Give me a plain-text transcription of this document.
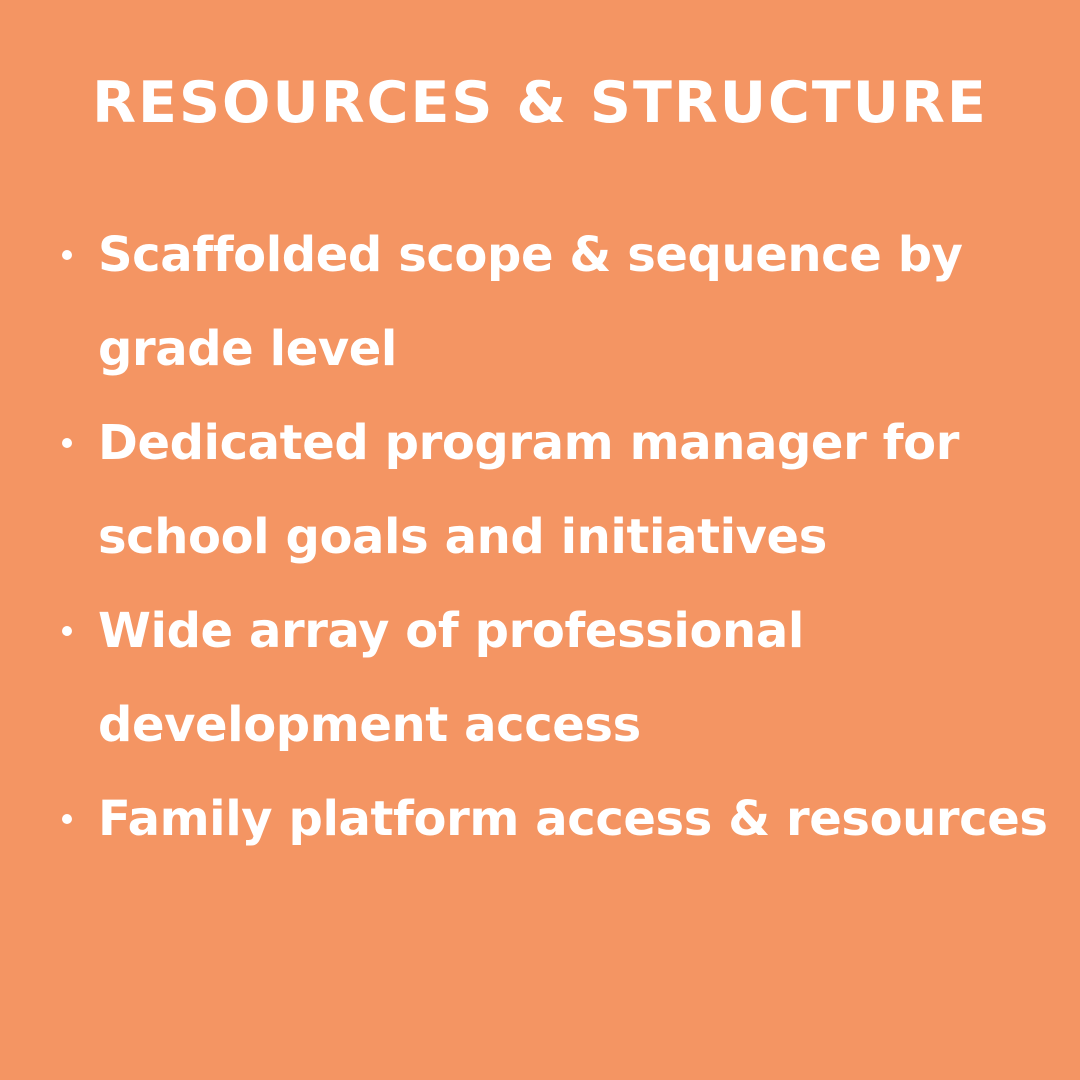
RESOURCES & STRUCTURE
Scaffolded scope & sequence by grade level
Dedicated program manager for school goals and initiatives
Wide array of professional development access
Family platform access & resources
